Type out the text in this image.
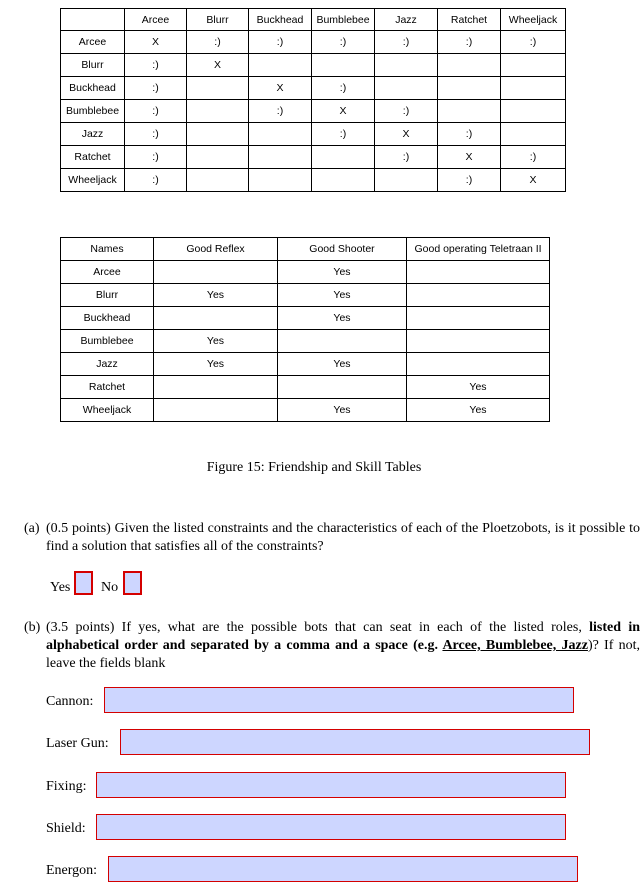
	Arcee	Blurr	Buckhead	Bumblebee	Jazz	Ratchet	Wheeljack
Arcee	X	:)	:)	:)	:)	:)	:)
Blurr	:)	X					
Buckhead	:)		X	:)			
Bumblebee	:)		:)	X	:)		
Jazz	:)			:)	X	:)	
Ratchet	:)				:)	X	:)
Wheeljack	:)					:)	X
Names	Good Reflex	Good Shooter	Good operating Teletraan II
Arcee		Yes	
Blurr	Yes	Yes	
Buckhead		Yes	
Bumblebee	Yes		
Jazz	Yes	Yes	
Ratchet			Yes
Wheeljack		Yes	Yes
Figure 15: Friendship and Skill Tables
(a) (0.5 points) Given the listed constraints and the characteristics of each of the Ploetzobots, is it possible to find a solution that satisfies all of the constraints?
Yes No
(b) (3.5 points) If yes, what are the possible bots that can seat in each of the listed roles, listed in alphabetical order and separated by a comma and a space (e.g. Arcee, Bumblebee, Jazz)? If not, leave the fields blank
Cannon:
Laser Gun:
Fixing:
Shield:
Energon:
